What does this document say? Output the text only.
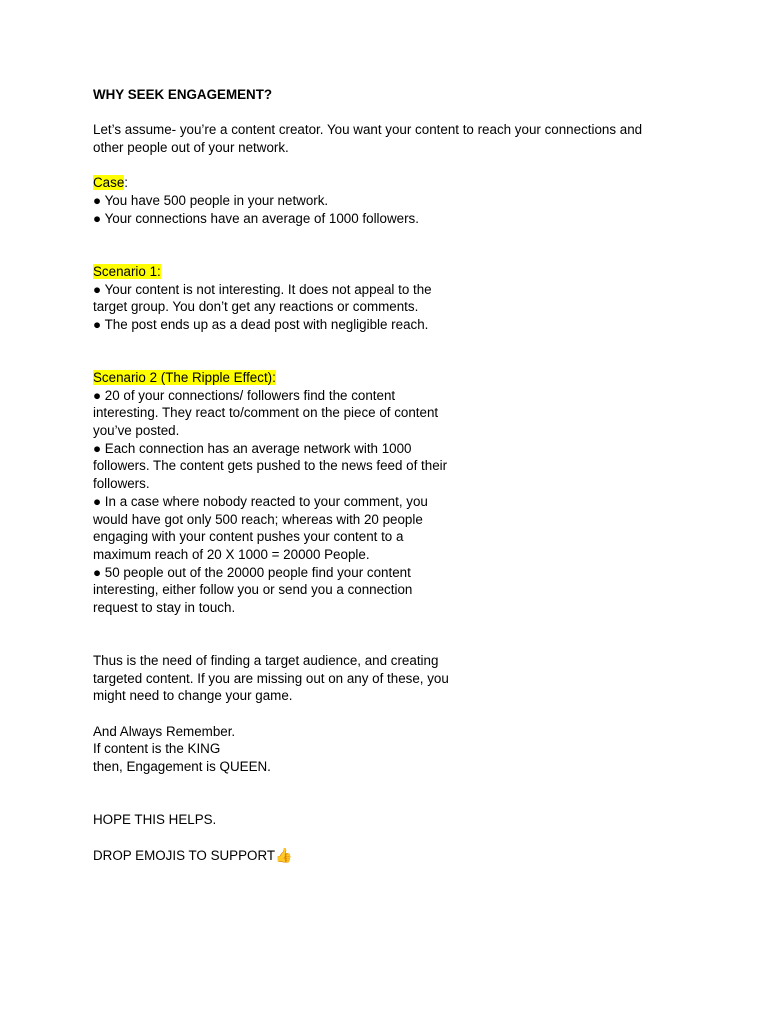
WHY SEEK ENGAGEMENT?
Let’s assume- you’re a content creator. You want your content to reach your connections and
other people out of your network.
Case:
● You have 500 people in your network.
● Your connections have an average of 1000 followers.
Scenario 1:
● Your content is not interesting. It does not appeal to the
target group. You don’t get any reactions or comments.
● The post ends up as a dead post with negligible reach.
Scenario 2 (The Ripple Effect):
● 20 of your connections/ followers find the content
interesting. They react to/comment on the piece of content
you’ve posted.
● Each connection has an average network with 1000
followers. The content gets pushed to the news feed of their
followers.
● In a case where nobody reacted to your comment, you
would have got only 500 reach; whereas with 20 people
engaging with your content pushes your content to a
maximum reach of 20 X 1000 = 20000 People.
● 50 people out of the 20000 people find your content
interesting, either follow you or send you a connection
request to stay in touch.
Thus is the need of finding a target audience, and creating
targeted content. If you are missing out on any of these, you
might need to change your game.
And Always Remember.
If content is the KING
then, Engagement is QUEEN.
HOPE THIS HELPS.
DROP EMOJIS TO SUPPORT👍
